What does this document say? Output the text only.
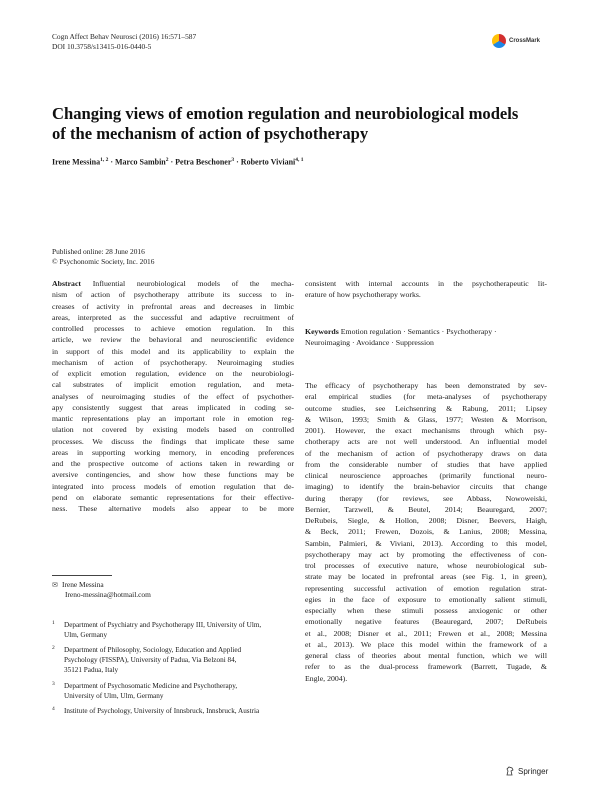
Cogn Affect Behav Neurosci (2016) 16:571–587
DOI 10.3758/s13415-016-0440-5
CrossMark
Changing views of emotion regulation and neurobiological models
of the mechanism of action of psychotherapy
Irene Messina$^{1, 2}$ · Marco Sambin$^2$ · Petra Beschoner$^3$ · Roberto Viviani$^{4, 1}$
Published online: 28 June 2016
© Psychonomic Society, Inc. 2016
Abstract Influential neurobiological models of the mecha-
nism of action of psychotherapy attribute its success to in-
creases of activity in prefrontal areas and decreases in limbic
areas, interpreted as the successful and adaptive recruitment of
controlled processes to achieve emotion regulation. In this
article, we review the behavioral and neuroscientific evidence
in support of this model and its applicability to explain the
mechanism of action of psychotherapy. Neuroimaging studies
of explicit emotion regulation, evidence on the neurobiologi-
cal substrates of implicit emotion regulation, and meta-
analyses of neuroimaging studies of the effect of psychother-
apy consistently suggest that areas implicated in coding se-
mantic representations play an important role in emotion reg-
ulation not covered by existing models based on controlled
processes. We discuss the findings that implicate these same
areas in supporting working memory, in encoding preferences
and the prospective outcome of actions taken in rewarding or
aversive contingencies, and show how these functions may be
integrated into process models of emotion regulation that de-
pend on elaborate semantic representations for their effective-
ness. These alternative models also appear to be more
consistent with internal accounts in the psychotherapeutic lit-
erature of how psychotherapy works.
Keywords Emotion regulation · Semantics · Psychotherapy ·
Neuroimaging · Avoidance · Suppression
The efficacy of psychotherapy has been demonstrated by sev-
eral empirical studies (for meta-analyses of psychotherapy
outcome studies, see Leichsenring & Rabung, 2011; Lipsey
& Wilson, 1993; Smith & Glass, 1977; Westen & Morrison,
2001). However, the exact mechanisms through which psy-
chotherapy acts are not well understood. An influential model
of the mechanism of action of psychotherapy draws on data
from the considerable number of studies that have applied
clinical neuroscience approaches (primarily functional neuro-
imaging) to identify the brain-behavior circuits that change
during therapy (for reviews, see Abbass, Nowoweiski,
Bernier, Tarzwell, & Beutel, 2014; Beauregard, 2007;
DeRubeis, Siegle, & Hollon, 2008; Disner, Beevers, Haigh,
& Beck, 2011; Frewen, Dozois, & Lanius, 2008; Messina,
Sambin, Palmieri, & Viviani, 2013). According to this model,
psychotherapy may act by promoting the effectiveness of con-
trol processes of executive nature, whose neurobiological sub-
strate may be located in prefrontal areas (see Fig. 1, in green),
representing successful activation of emotion regulation strat-
egies in the face of exposure to emotionally salient stimuli,
especially when these stimuli possess anxiogenic or other
emotionally negative features (Beauregard, 2007; DeRubeis
et al., 2008; Disner et al., 2011; Frewen et al., 2008; Messina
et al., 2013). We place this model within the framework of a
general class of theories about mental function, which we will
refer to as the dual-process framework (Barrett, Tugade, &
Engle, 2004).
✉ Irene Messina
Ireno-messina@hotmail.com
1 Department of Psychiatry and Psychotherapy III, University of Ulm,
Ulm, Germany
2 Department of Philosophy, Sociology, Education and Applied
Psychology (FISSPA), University of Padua, Via Belzoni 84,
35121 Padua, Italy
3 Department of Psychosomatic Medicine and Psychotherapy,
University of Ulm, Ulm, Germany
4 Institute of Psychology, University of Innsbruck, Innsbruck, Austria
Springer
